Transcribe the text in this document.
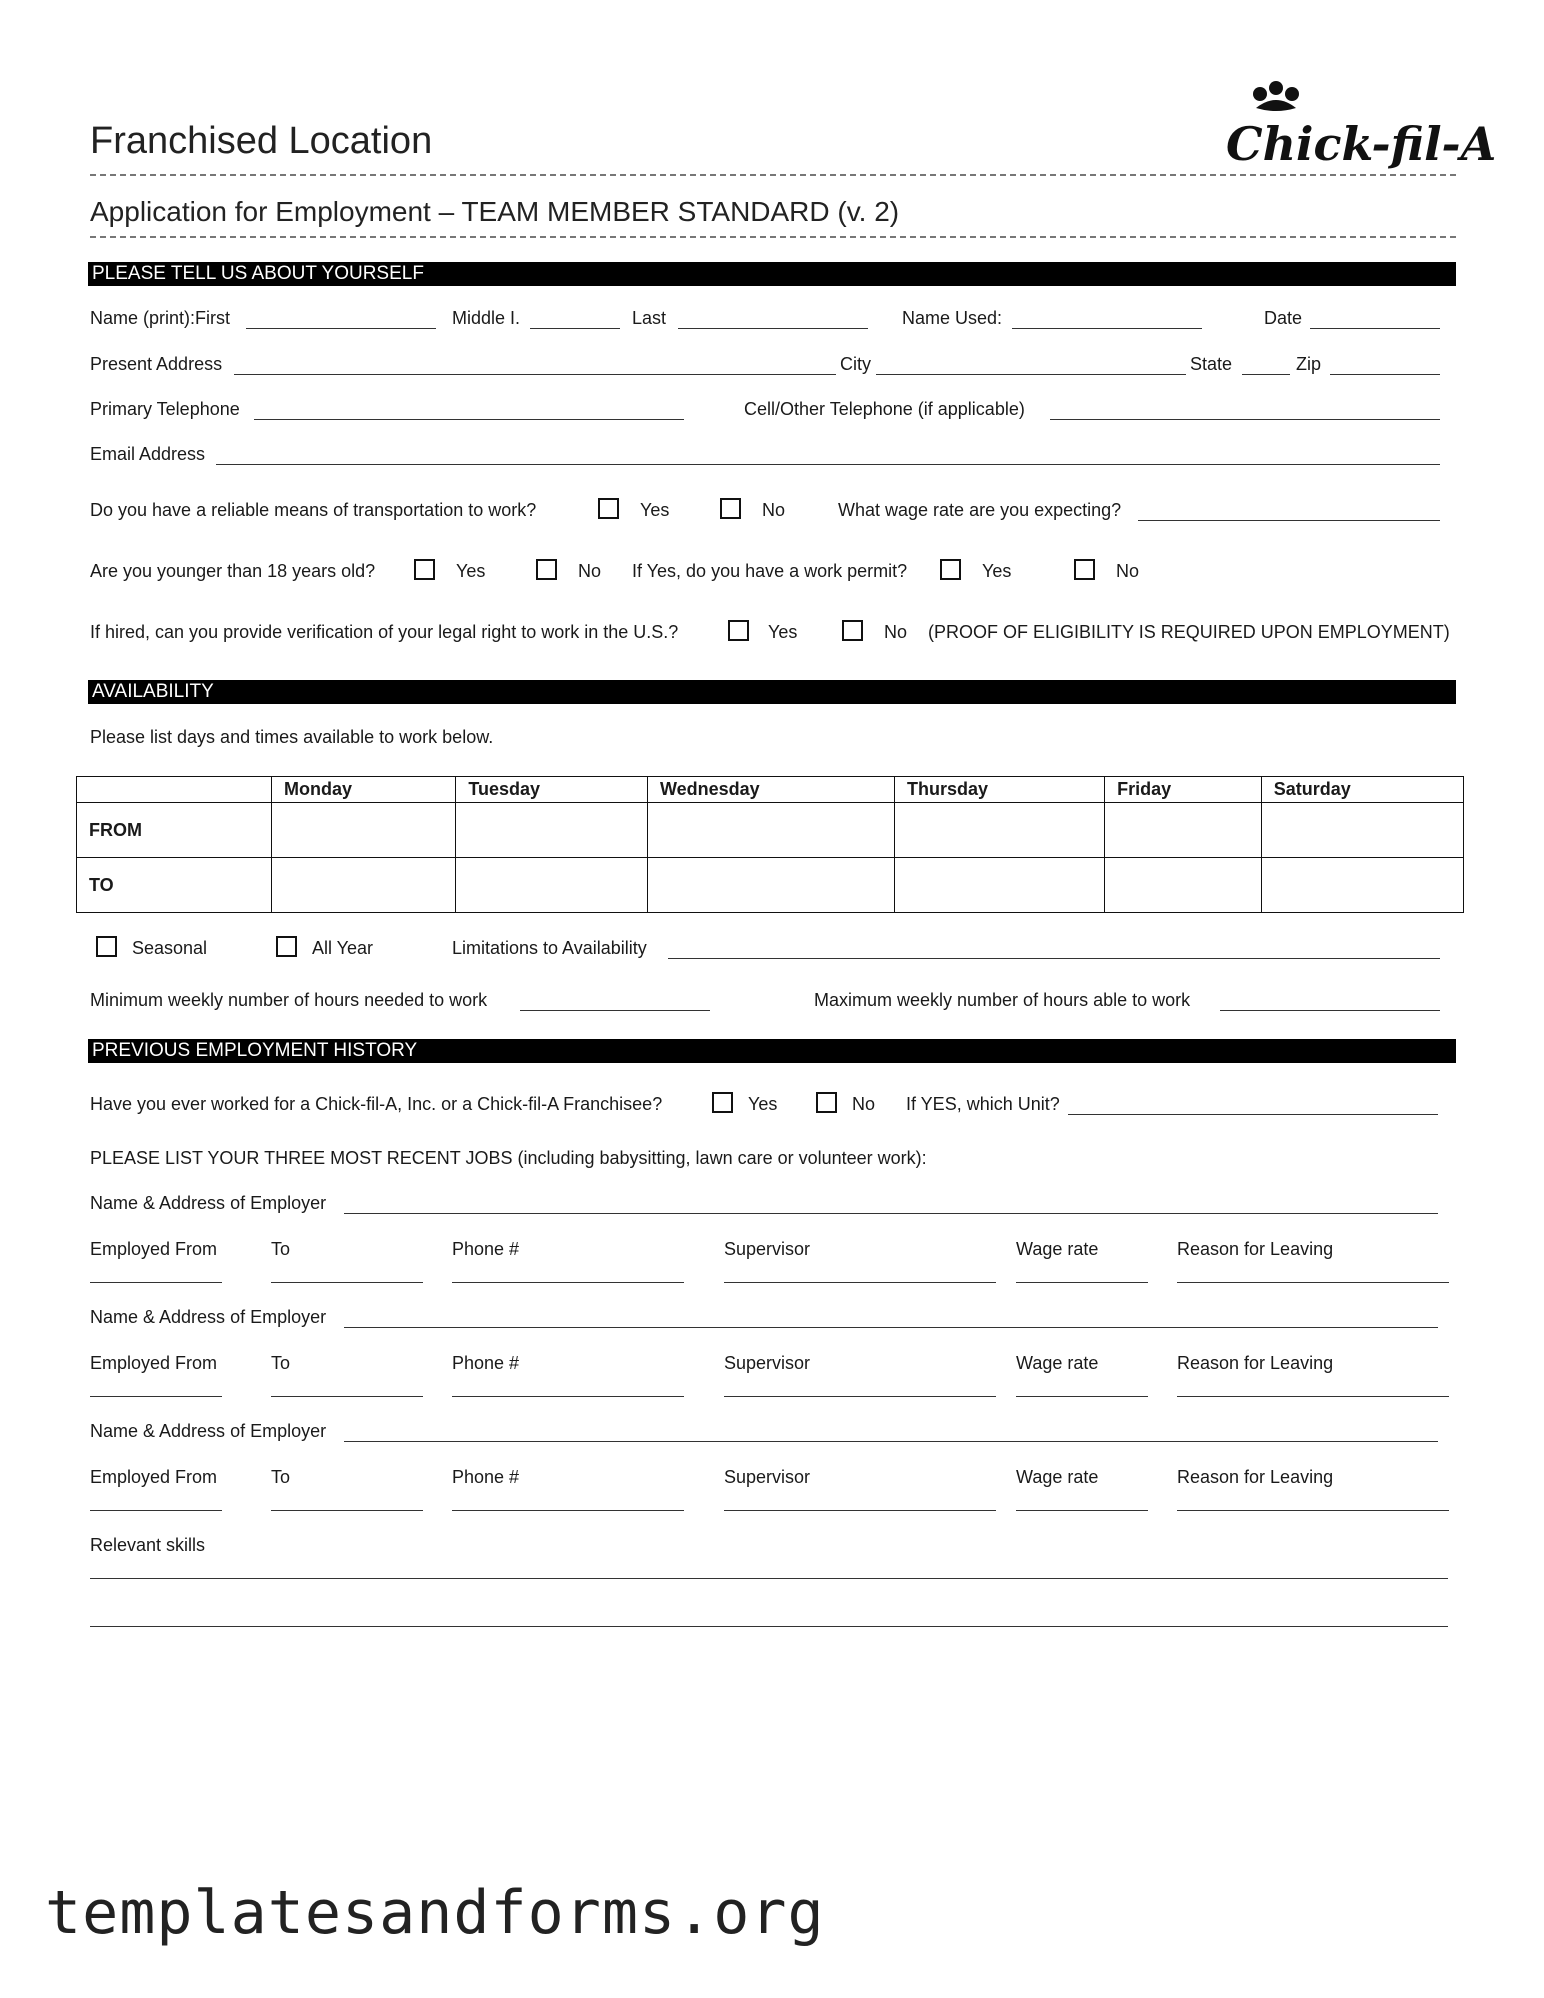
Franchised Location	Chick-fil-A
Application for Employment – TEAM MEMBER STANDARD (v. 2)
PLEASE TELL US ABOUT YOURSELF
Name (print):First	Middle I.	Last	Name Used:	Date
Present Address	City	State	Zip
Primary Telephone	Cell/Other Telephone (if applicable)
Email Address
Do you have a reliable means of transportation to work?	Yes	No	What wage rate are you expecting?
Are you younger than 18 years old?	Yes	No If Yes, do you have a work permit?	Yes	No
If hired, can you provide verification of your legal right to work in the U.S.?	Yes	No (PROOF OF ELIGIBILITY IS REQUIRED UPON EMPLOYMENT)
AVAILABILITY
Please list days and times available to work below.
	Monday	Tuesday	Wednesday	Thursday	Friday	Saturday
FROM						
TO						
Seasonal	All Year	Limitations to Availability
Minimum weekly number of hours needed to work	Maximum weekly number of hours able to work
PREVIOUS EMPLOYMENT HISTORY
Have you ever worked for a Chick-fil-A, Inc. or a Chick-fil-A Franchisee?	Yes	No If YES, which Unit?
PLEASE LIST YOUR THREE MOST RECENT JOBS (including babysitting, lawn care or volunteer work):
Name & Address of Employer
Employed From	To	Phone #	Supervisor	Wage rate	Reason for Leaving
Name & Address of Employer
Employed From	To	Phone #	Supervisor	Wage rate	Reason for Leaving
Name & Address of Employer
Employed From	To	Phone #	Supervisor	Wage rate	Reason for Leaving
Relevant skills
templatesandforms.org
